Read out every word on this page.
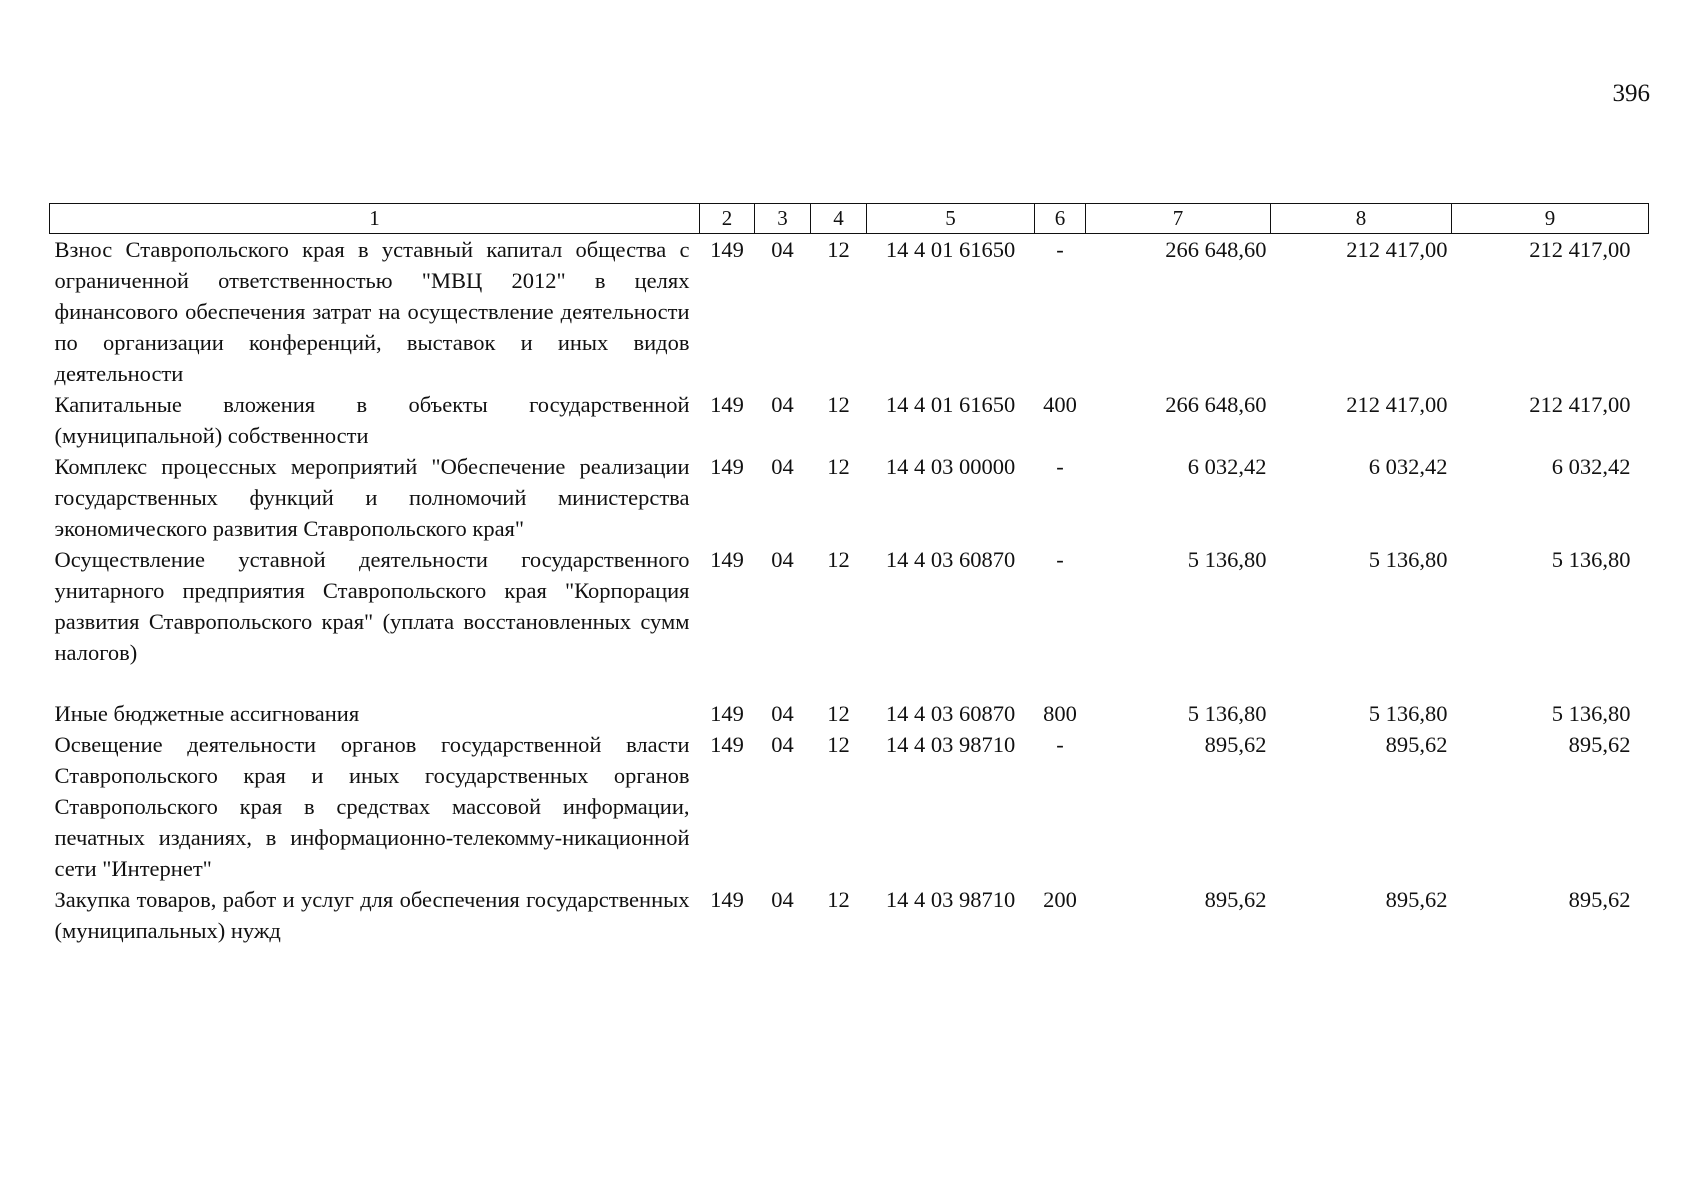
396
1	2	3	4	5	6	7	8	9
Взнос Ставропольского края в уставный капитал общества с ограниченной ответственностью "МВЦ 2012" в целях финансового обеспечения затрат на осуществление деятельности по организации конференций, выставок и иных видов деятельности	149	04	12	14 4 01 61650	-	266 648,60	212 417,00	212 417,00
Капитальные вложения в объекты государственной (муниципальной) собственности	149	04	12	14 4 01 61650	400	266 648,60	212 417,00	212 417,00
Комплекс процессных мероприятий "Обеспечение реализации государственных функций и полномочий министерства экономического развития Ставропольского края"	149	04	12	14 4 03 00000	-	6 032,42	6 032,42	6 032,42
Осуществление уставной деятельности государственного унитарного предприятия Ставропольского края "Корпорация развития Ставропольского края" (уплата восстановленных сумм налогов)	149	04	12	14 4 03 60870	-	5 136,80	5 136,80	5 136,80

Иные бюджетные ассигнования	149	04	12	14 4 03 60870	800	5 136,80	5 136,80	5 136,80
Освещение деятельности органов государственной власти Ставропольского края и иных государственных органов Ставропольского края в средствах массовой информации, печатных изданиях, в информационно-телекомму-никационной сети "Интернет"	149	04	12	14 4 03 98710	-	895,62	895,62	895,62
Закупка товаров, работ и услуг для обеспечения государственных (муниципальных) нужд	149	04	12	14 4 03 98710	200	895,62	895,62	895,62
